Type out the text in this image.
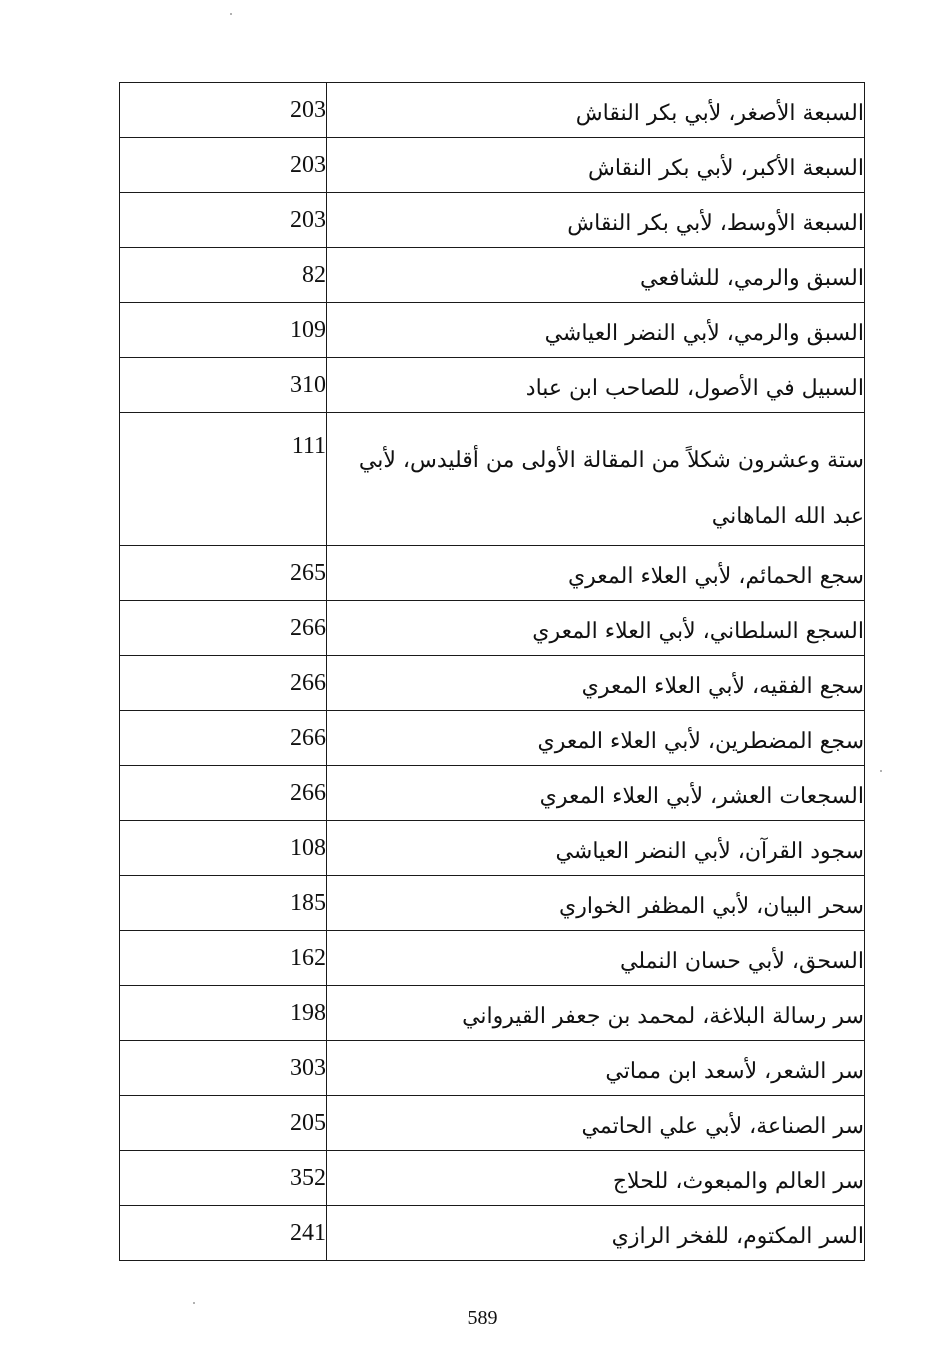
203	السبعة الأصغر، لأبي بكر النقاش
203	السبعة الأكبر، لأبي بكر النقاش
203	السبعة الأوسط، لأبي بكر النقاش
82	السبق والرمي، للشافعي
109	السبق والرمي، لأبي النضر العياشي
310	السبيل في الأصول، للصاحب ابن عباد
111	ستة وعشرون شكلاً من المقالة الأولى من أقليدس، لأبي عبد الله الماهاني
265	سجع الحمائم، لأبي العلاء المعري
266	السجع السلطاني، لأبي العلاء المعري
266	سجع الفقيه، لأبي العلاء المعري
266	سجع المضطرين، لأبي العلاء المعري
266	السجعات العشر، لأبي العلاء المعري
108	سجود القرآن، لأبي النضر العياشي
185	سحر البيان، لأبي المظفر الخواري
162	السحق، لأبي حسان النملي
198	سر رسالة البلاغة، لمحمد بن جعفر القيرواني
303	سر الشعر، لأسعد ابن مماتي
205	سر الصناعة، لأبي علي الحاتمي
352	سر العالم والمبعوث، للحلاج
241	السر المكتوم، للفخر الرازي
589
